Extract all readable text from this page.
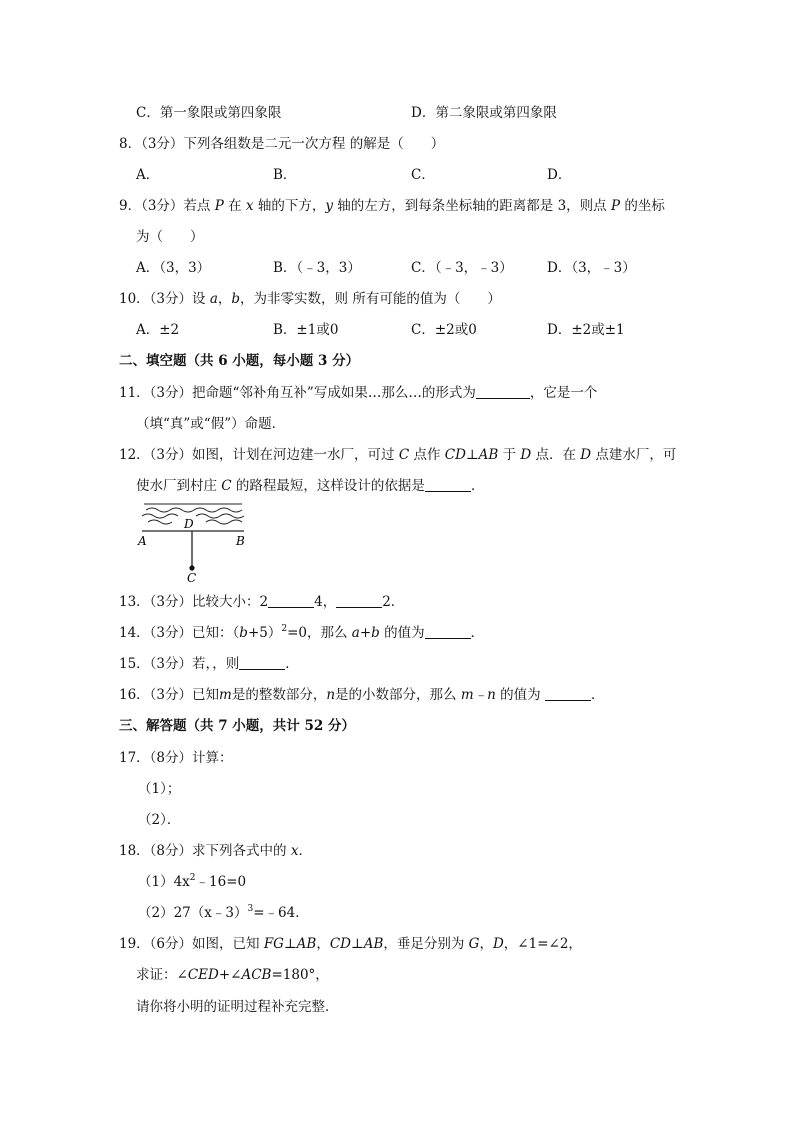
C．第一象限或第四象限	D．第二象限或第四象限
8．（3分）下列各组数是二元一次方程 的解是（　　）
A．	B．	C．	D．
9．（3分）若点 P 在 x 轴的下方，y 轴的左方，到每条坐标轴的距离都是 3，则点 P 的坐标
为（　　）
A．（3，3）	B．（﹣3，3）	C．（﹣3，﹣3）	D．（3，﹣3）
10．（3分）设 a，b，为非零实数，则 所有可能的值为（　　）
A．±2	B．±1或0	C．±2或0	D．±2或±1
二、填空题（共 6 小题，每小题 3 分）
11．（3分）把命题“邻补角互补”写成如果…那么…的形式为	，它是一个
（填“真”或“假”）命题．
12．（3分）如图，计划在河边建一水厂，可过 C 点作 CD⊥AB 于 D 点．在 D 点建水厂，可
使水厂到村庄 C 的路程最短，这样设计的依据是	．
D
A	B
C
13．（3分）比较大小：2	4，	2．
14．（3分）已知：$(b+5)^2=0$，那么 a+b 的值为	．
15．（3分）若，，则	．
16．（3分）已知m是的整数部分，n是的小数部分，那么 m﹣n 的值为	．
三、解答题（共 7 小题，共计 52 分）
17．（8分）计算：
（1）；
（2）．
18．（8分）求下列各式中的 x．
$(1)4x^2﹣16=0$
（2）27（x﹣3）$^3$=﹣64．
19．（6分）如图，已知 FG⊥AB，CD⊥AB，垂足分别为 G，D，∠1=∠2，
求证：∠CED+∠ACB=180°，
请你将小明的证明过程补充完整．
